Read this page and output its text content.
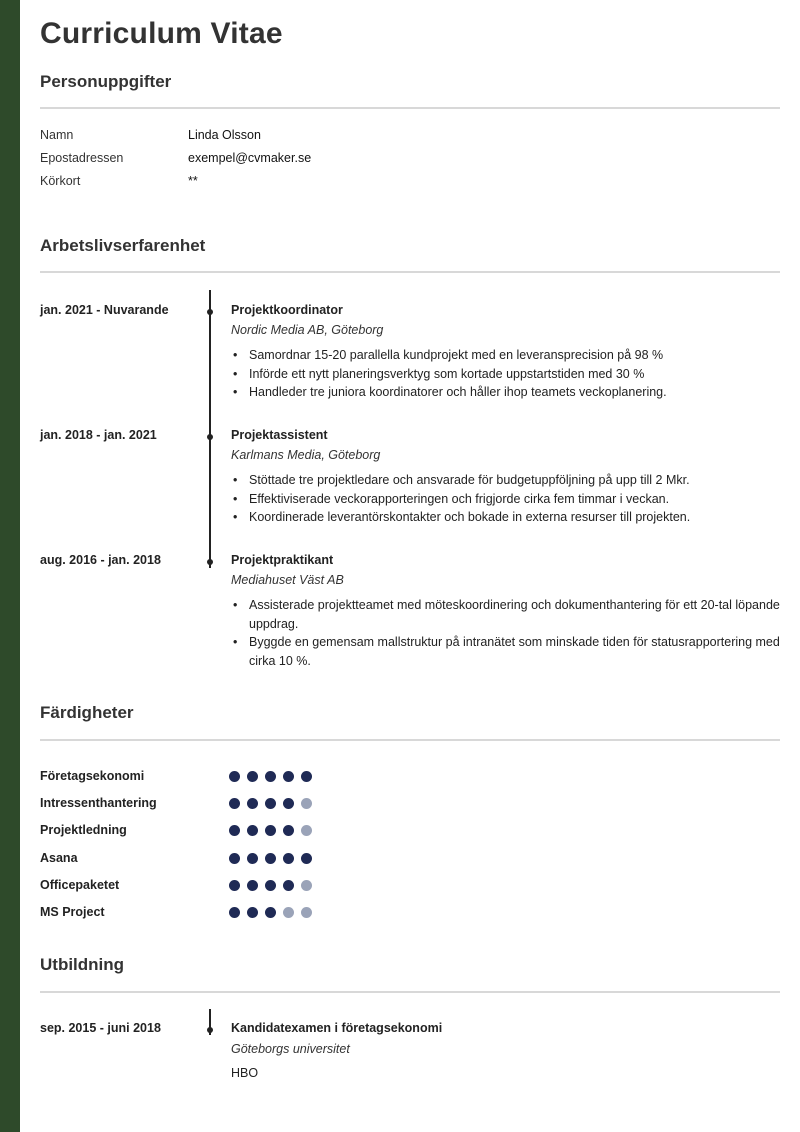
Curriculum Vitae
Personuppgifter
Namn	Linda Olsson
Epostadressen	exempel@cvmaker.se
Körkort	**
Arbetslivserfarenhet
jan. 2021 - Nuvarande	Projektkoordinator
Nordic Media AB, Göteborg
• Samordnar 15-20 parallella kundprojekt med en leveransprecision på 98 %
• Införde ett nytt planeringsverktyg som kortade uppstartstiden med 30 %
• Handleder tre juniora koordinatorer och håller ihop teamets veckoplanering.
jan. 2018 - jan. 2021	Projektassistent
Karlmans Media, Göteborg
• Stöttade tre projektledare och ansvarade för budgetuppföljning på upp till 2 Mkr.
• Effektiviserade veckorapporteringen och frigjorde cirka fem timmar i veckan.
• Koordinerade leverantörskontakter och bokade in externa resurser till projekten.
aug. 2016 - jan. 2018	Projektpraktikant
Mediahuset Väst AB
• Assisterade projektteamet med möteskoordinering och dokumenthantering för ett 20-tal löpande uppdrag.
• Byggde en gemensam mallstruktur på intranätet som minskade tiden för statusrapportering med cirka 10 %.
Färdigheter
Företagsekonomi
Intressenthantering
Projektledning
Asana
Officepaketet
MS Project
Utbildning
sep. 2015 - juni 2018	Kandidatexamen i företagsekonomi
Göteborgs universitet
HBO
